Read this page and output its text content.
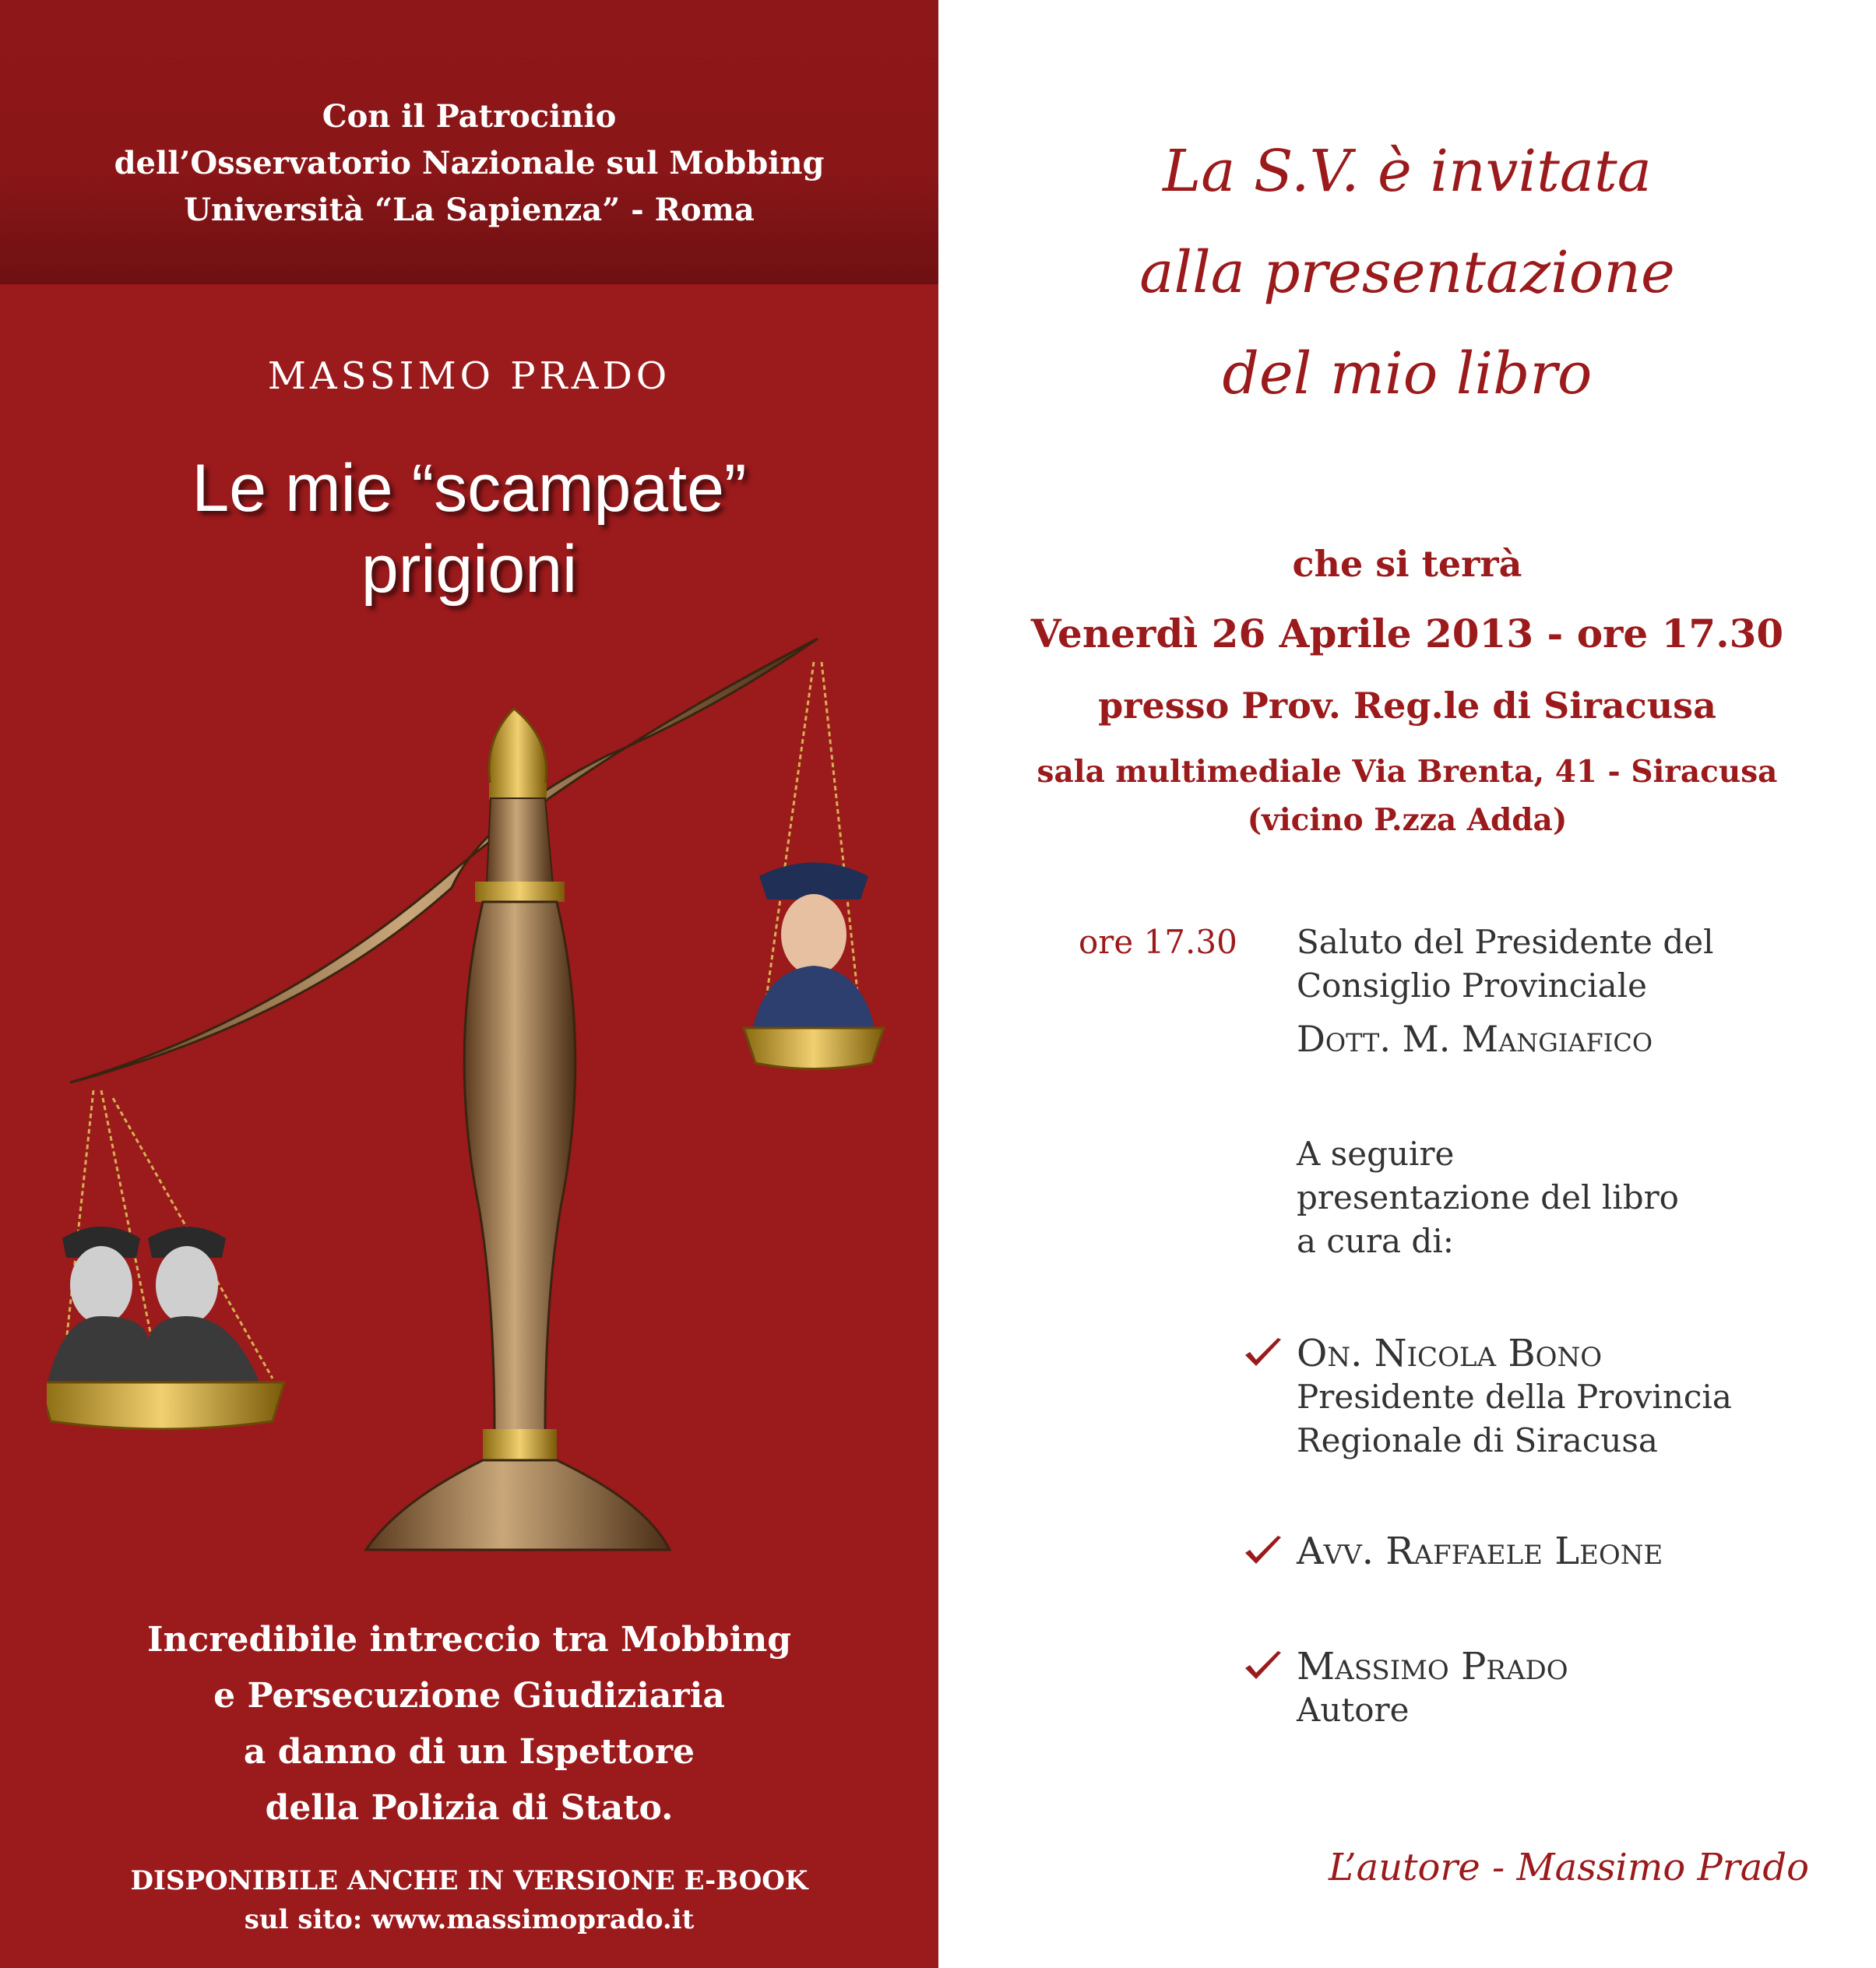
Con il Patrocinio
dell’Osservatorio Nazionale sul Mobbing
Università “La Sapienza” - Roma
MASSIMO PRADO
Le mie “scampate”
prigioni
Incredibile intreccio tra Mobbing
e Persecuzione Giudiziaria
a danno di un Ispettore
della Polizia di Stato.
DISPONIBILE ANCHE IN VERSIONE E-BOOK
sul sito: www.massimoprado.it
La S.V. è invitata
alla presentazione
del mio libro
che si terrà
Venerdì 26 Aprile 2013 - ore 17.30
presso Prov. Reg.le di Siracusa
sala multimediale Via Brenta, 41 - Siracusa
(vicino P.zza Adda)
ore 17.30 Saluto del Presidente del
Consiglio Provinciale
Dott. M. Mangiafico
A seguire
presentazione del libro
a cura di:
On. Nicola Bono
Presidente della Provincia
Regionale di Siracusa
Avv. Raffaele Leone
Massimo Prado
Autore
L’autore - Massimo Prado
